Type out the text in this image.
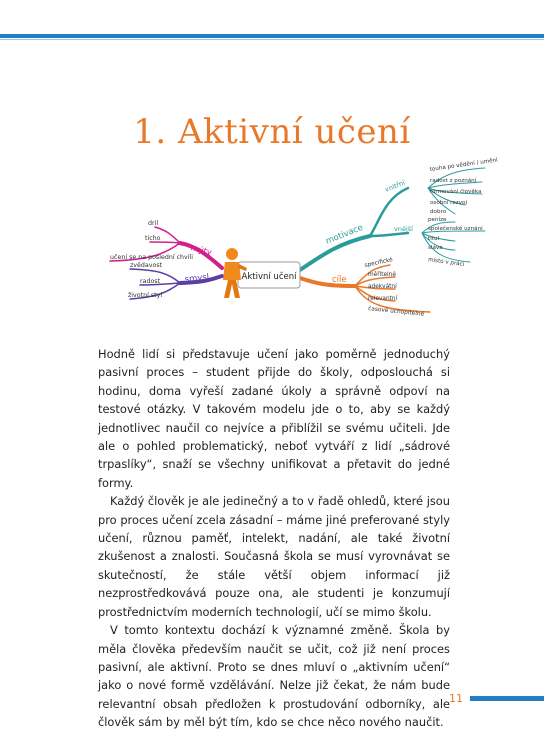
1. Aktivní učení
Aktivní učení
mýty
smysl
motivace
cíle
vnitřní
vnější
dril
ticho
učení se na poslední chvíli
zvědavost
radost
životní styl
touha po vědění / umění
radost z poznání
formování člověka
osobní rozvoj
dobro
peníze
společenské uznání
titul
sláva
místo v práci
specifické
měřitelné
adekvátní
relevantní
časově uchopitelné

Hodně lidí si představuje učení jako poměrně jednoduchý pasivní proces – student přijde do školy, odposlouchá si hodinu, doma vyřeší zadané úkoly a správně odpoví na testové otázky. V takovém modelu jde o to, aby se každý jednotlivec naučil co nejvíce a přiblížil se svému učiteli. Jde ale o pohled problematický, neboť vytváří z lidí „sádrové trpaslíky“, snaží se všechny unifikovat a přetavit do jedné formy.

Každý člověk je ale jedinečný a to v řadě ohledů, které jsou pro proces učení zcela zásadní – máme jiné preferované styly učení, různou paměť, intelekt, nadání, ale také životní zkušenost a znalosti. Současná škola se musí vyrovnávat se skutečností, že stále větší objem informací již nezprostředkovává pouze ona, ale studenti je konzumují prostřednictvím moderních technologií, učí se mimo školu.

V tomto kontextu dochází k významné změně. Škola by měla člověka především naučit se učit, což již není proces pasivní, ale aktivní. Proto se dnes mluví o „aktivním učení“ jako o nové formě vzdělávání. Nelze již čekat, že nám bude relevantní obsah předložen k prostudování odborníky, ale člověk sám by měl být tím, kdo se chce něco nového naučit.

11
